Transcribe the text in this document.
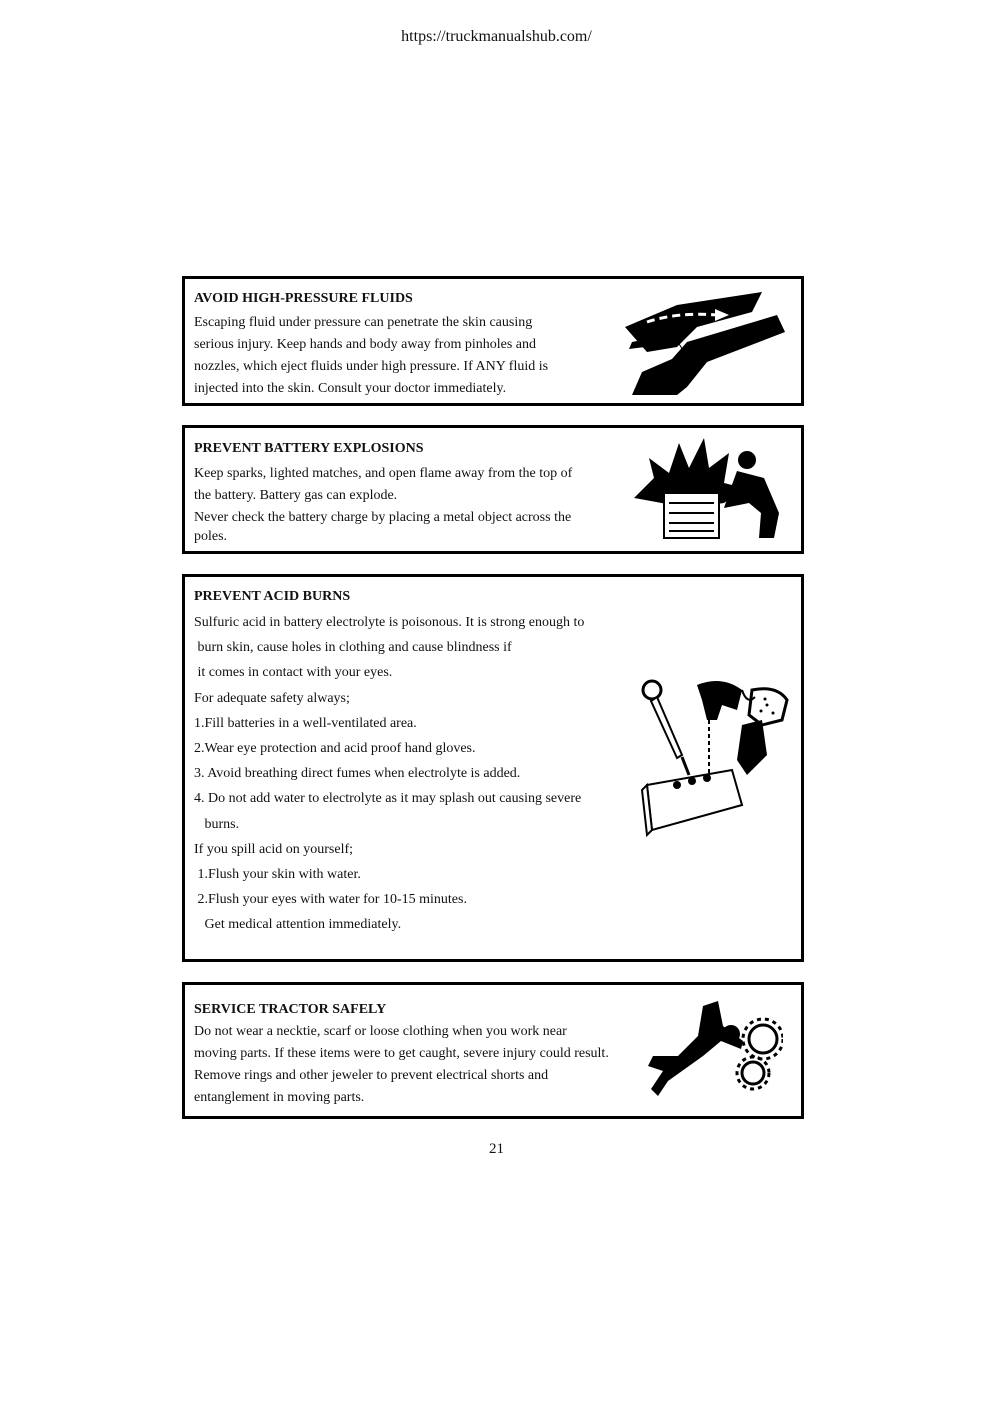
https://truckmanualshub.com/
AVOID HIGH-PRESSURE FLUIDS
Escaping fluid under pressure can penetrate the skin causing
serious injury. Keep hands and body away from pinholes and
nozzles, which eject fluids under high pressure. If ANY fluid is
injected into the skin. Consult your doctor immediately.
PREVENT BATTERY EXPLOSIONS
Keep sparks, lighted matches, and open flame away from the top of
the battery. Battery gas can explode.
Never check the battery charge by placing a metal object across the
poles.
PREVENT ACID BURNS
Sulfuric acid in battery electrolyte is poisonous. It is strong enough to
burn skin, cause holes in clothing and cause blindness if
it comes in contact with your eyes.
For adequate safety always;
1.Fill batteries in a well-ventilated area.
2.Wear eye protection and acid proof hand gloves.
3. Avoid breathing direct fumes when electrolyte is added.
4. Do not add water to electrolyte as it may splash out causing severe
burns.
If you spill acid on yourself;
1.Flush your skin with water.
2.Flush your eyes with water for 10-15 minutes.
Get medical attention immediately.
SERVICE TRACTOR SAFELY
Do not wear a necktie, scarf or loose clothing when you work near
moving parts. If these items were to get caught, severe injury could result.
Remove rings and other jeweler to prevent electrical shorts and
entanglement in moving parts.
21
